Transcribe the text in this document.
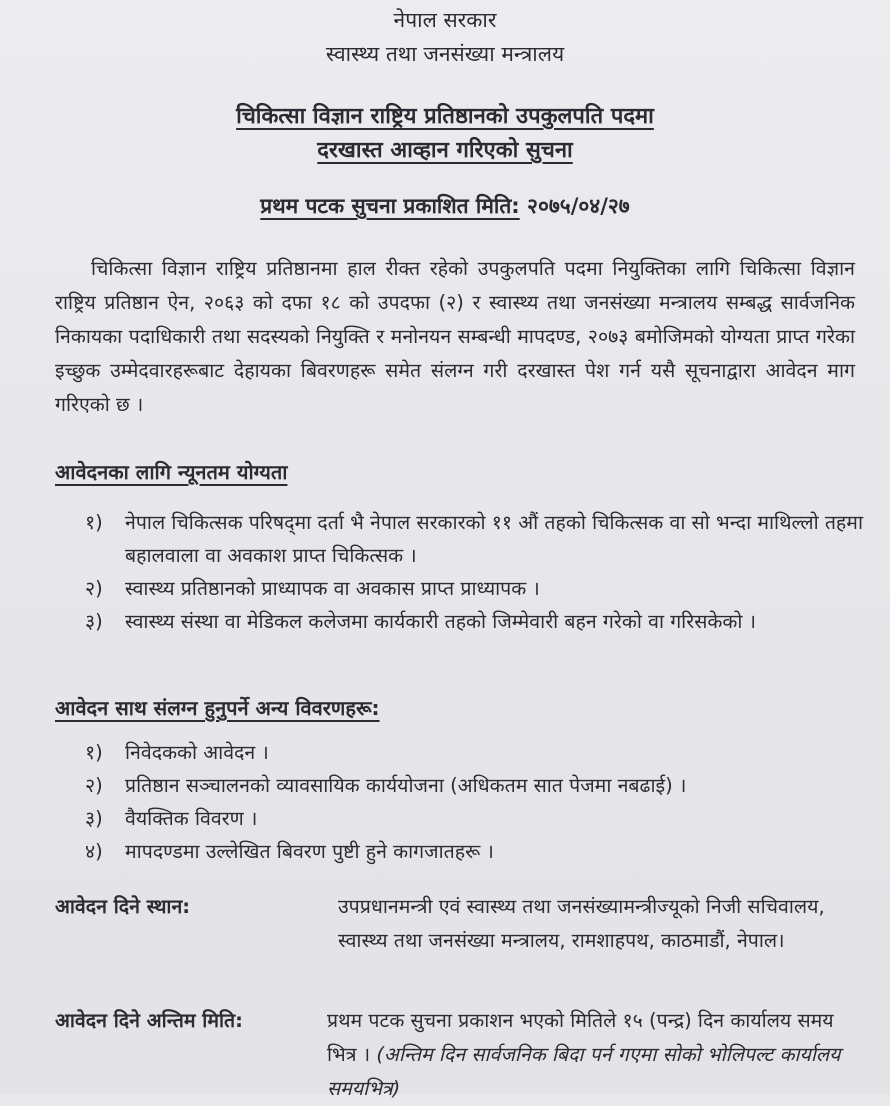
नेपाल सरकार
स्वास्थ्य तथा जनसंख्या मन्त्रालय
चिकित्सा विज्ञान राष्ट्रिय प्रतिष्ठानको उपकुलपति पदमा
दरखास्त आव्हान गरिएको सुचना
प्रथम पटक सुचना प्रकाशित मिति: २०७५/०४/२७
चिकित्सा विज्ञान राष्ट्रिय प्रतिष्ठानमा हाल रीक्त रहेको उपकुलपति पदमा नियुक्तिका लागि चिकित्सा विज्ञान राष्ट्रिय प्रतिष्ठान ऐन, २०६३ को दफा १८ को उपदफा (२) र स्वास्थ्य तथा जनसंख्या मन्त्रालय सम्बद्ध सार्वजनिक निकायका पदाधिकारी तथा सदस्यको नियुक्ति र मनोनयन सम्बन्धी मापदण्ड, २०७३ बमोजिमको योग्यता प्राप्त गरेका इच्छुक उम्मेदवारहरूबाट देहायका बिवरणहरू समेत संलग्न गरी दरखास्त पेश गर्न यसै सूचनाद्वारा आवेदन माग गरिएको छ ।
आवेदनका लागि न्यूनतम योग्यता
१)	नेपाल चिकित्सक परिषद्‌मा दर्ता भै नेपाल सरकारको ११ औं तहको चिकित्सक वा सो भन्दा माथिल्लो तहमा बहालवाला वा अवकाश प्राप्त चिकित्सक ।
२)	स्वास्थ्य प्रतिष्ठानको प्राध्यापक वा अवकास प्राप्त प्राध्यापक ।
३)	स्वास्थ्य संस्था वा मेडिकल कलेजमा कार्यकारी तहको जिम्मेवारी बहन गरेको वा गरिसकेको ।
आवेदन साथ संलग्न हुनुपर्ने अन्य विवरणहरू:
१)	निवेदकको आवेदन ।
२)	प्रतिष्ठान सञ्चालनको व्यावसायिक कार्ययोजना (अधिकतम सात पेजमा नबढाई) ।
३)	वैयक्तिक विवरण ।
४)	मापदण्डमा उल्लेखित बिवरण पुष्टी हुने कागजातहरू ।
आवेदन दिने स्थान:	उपप्रधानमन्त्री एवं स्वास्थ्य तथा जनसंख्यामन्त्रीज्यूको निजी सचिवालय, स्वास्थ्य तथा जनसंख्या मन्त्रालय, रामशाहपथ, काठमाडौं, नेपाल।
आवेदन दिने अन्तिम मिति:	प्रथम पटक सुचना प्रकाशन भएको मितिले १५ (पन्द्र) दिन कार्यालय समय भित्र । (अन्तिम दिन सार्वजनिक बिदा पर्न गएमा सोको भोलिपल्ट कार्यालय समयभित्र)
